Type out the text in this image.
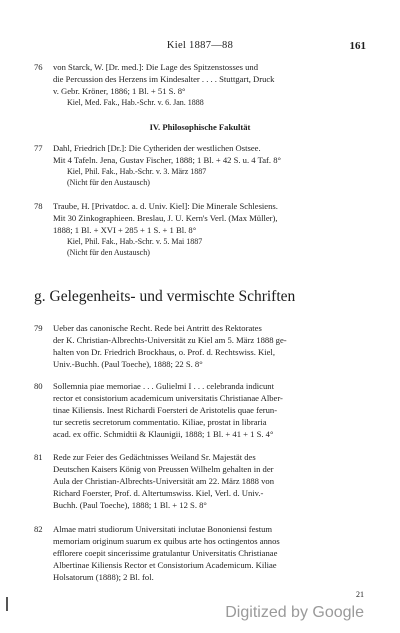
Kiel 1887—88	161
76 von Starck, W. [Dr. med.]: Die Lage des Spitzenstosses und
die Percussion des Herzens im Kindesalter . . . . Stuttgart, Druck
v. Gebr. Kröner, 1886; 1 Bl. + 51 S. 8°
Kiel, Med. Fak., Hab.-Schr. v. 6. Jan. 1888
IV. Philosophische Fakultät
77 Dahl, Friedrich [Dr.]: Die Cytheriden der westlichen Ostsee.
Mit 4 Tafeln. Jena, Gustav Fischer, 1888; 1 Bl. + 42 S. u. 4 Taf. 8°
Kiel, Phil. Fak., Hab.-Schr. v. 3. März 1887
(Nicht für den Austausch)
78 Traube, H. [Privatdoc. a. d. Univ. Kiel]: Die Minerale Schlesiens.
Mit 30 Zinkographieen. Breslau, J. U. Kern's Verl. (Max Müller),
1888; 1 Bl. + XVI + 285 + 1 S. + 1 Bl. 8°
Kiel, Phil. Fak., Hab.-Schr. v. 5. Mai 1887
(Nicht für den Austausch)
g. Gelegenheits- und vermischte Schriften
79 Ueber das canonische Recht. Rede bei Antritt des Rektorates
der K. Christian-Albrechts-Universität zu Kiel am 5. März 1888 ge-
halten von Dr. Friedrich Brockhaus, o. Prof. d. Rechtswiss. Kiel,
Univ.-Buchh. (Paul Toeche), 1888; 22 S. 8°
80 Sollemnia piae memoriae . . . Gulielmi I . . . celebranda indicunt
rector et consistorium academicum universitatis Christianae Alber-
tinae Kiliensis. Inest Richardi Foersteri de Aristotelis quae ferun-
tur secretis secretorum commentatio. Kiliae, prostat in libraria
acad. ex offic. Schmidtii & Klaunigii, 1888; 1 Bl. + 41 + 1 S. 4°
81 Rede zur Feier des Gedächtnisses Weiland Sr. Majestät des
Deutschen Kaisers König von Preussen Wilhelm gehalten in der
Aula der Christian-Albrechts-Universität am 22. März 1888 von
Richard Foerster, Prof. d. Altertumswiss. Kiel, Verl. d. Univ.-
Buchh. (Paul Toeche), 1888; 1 Bl. + 12 S. 8°
82 Almae matri studiorum Universitati inclutae Bononiensi festum
memoriam originum suarum ex quibus arte hos octingentos annos
efflorere coepit sincerissime gratulantur Universitatis Christianae
Albertinae Kiliensis Rector et Consistorium Academicum. Kiliae
Holsatorum (1888); 2 Bl. fol.
21
Digitized by Google
